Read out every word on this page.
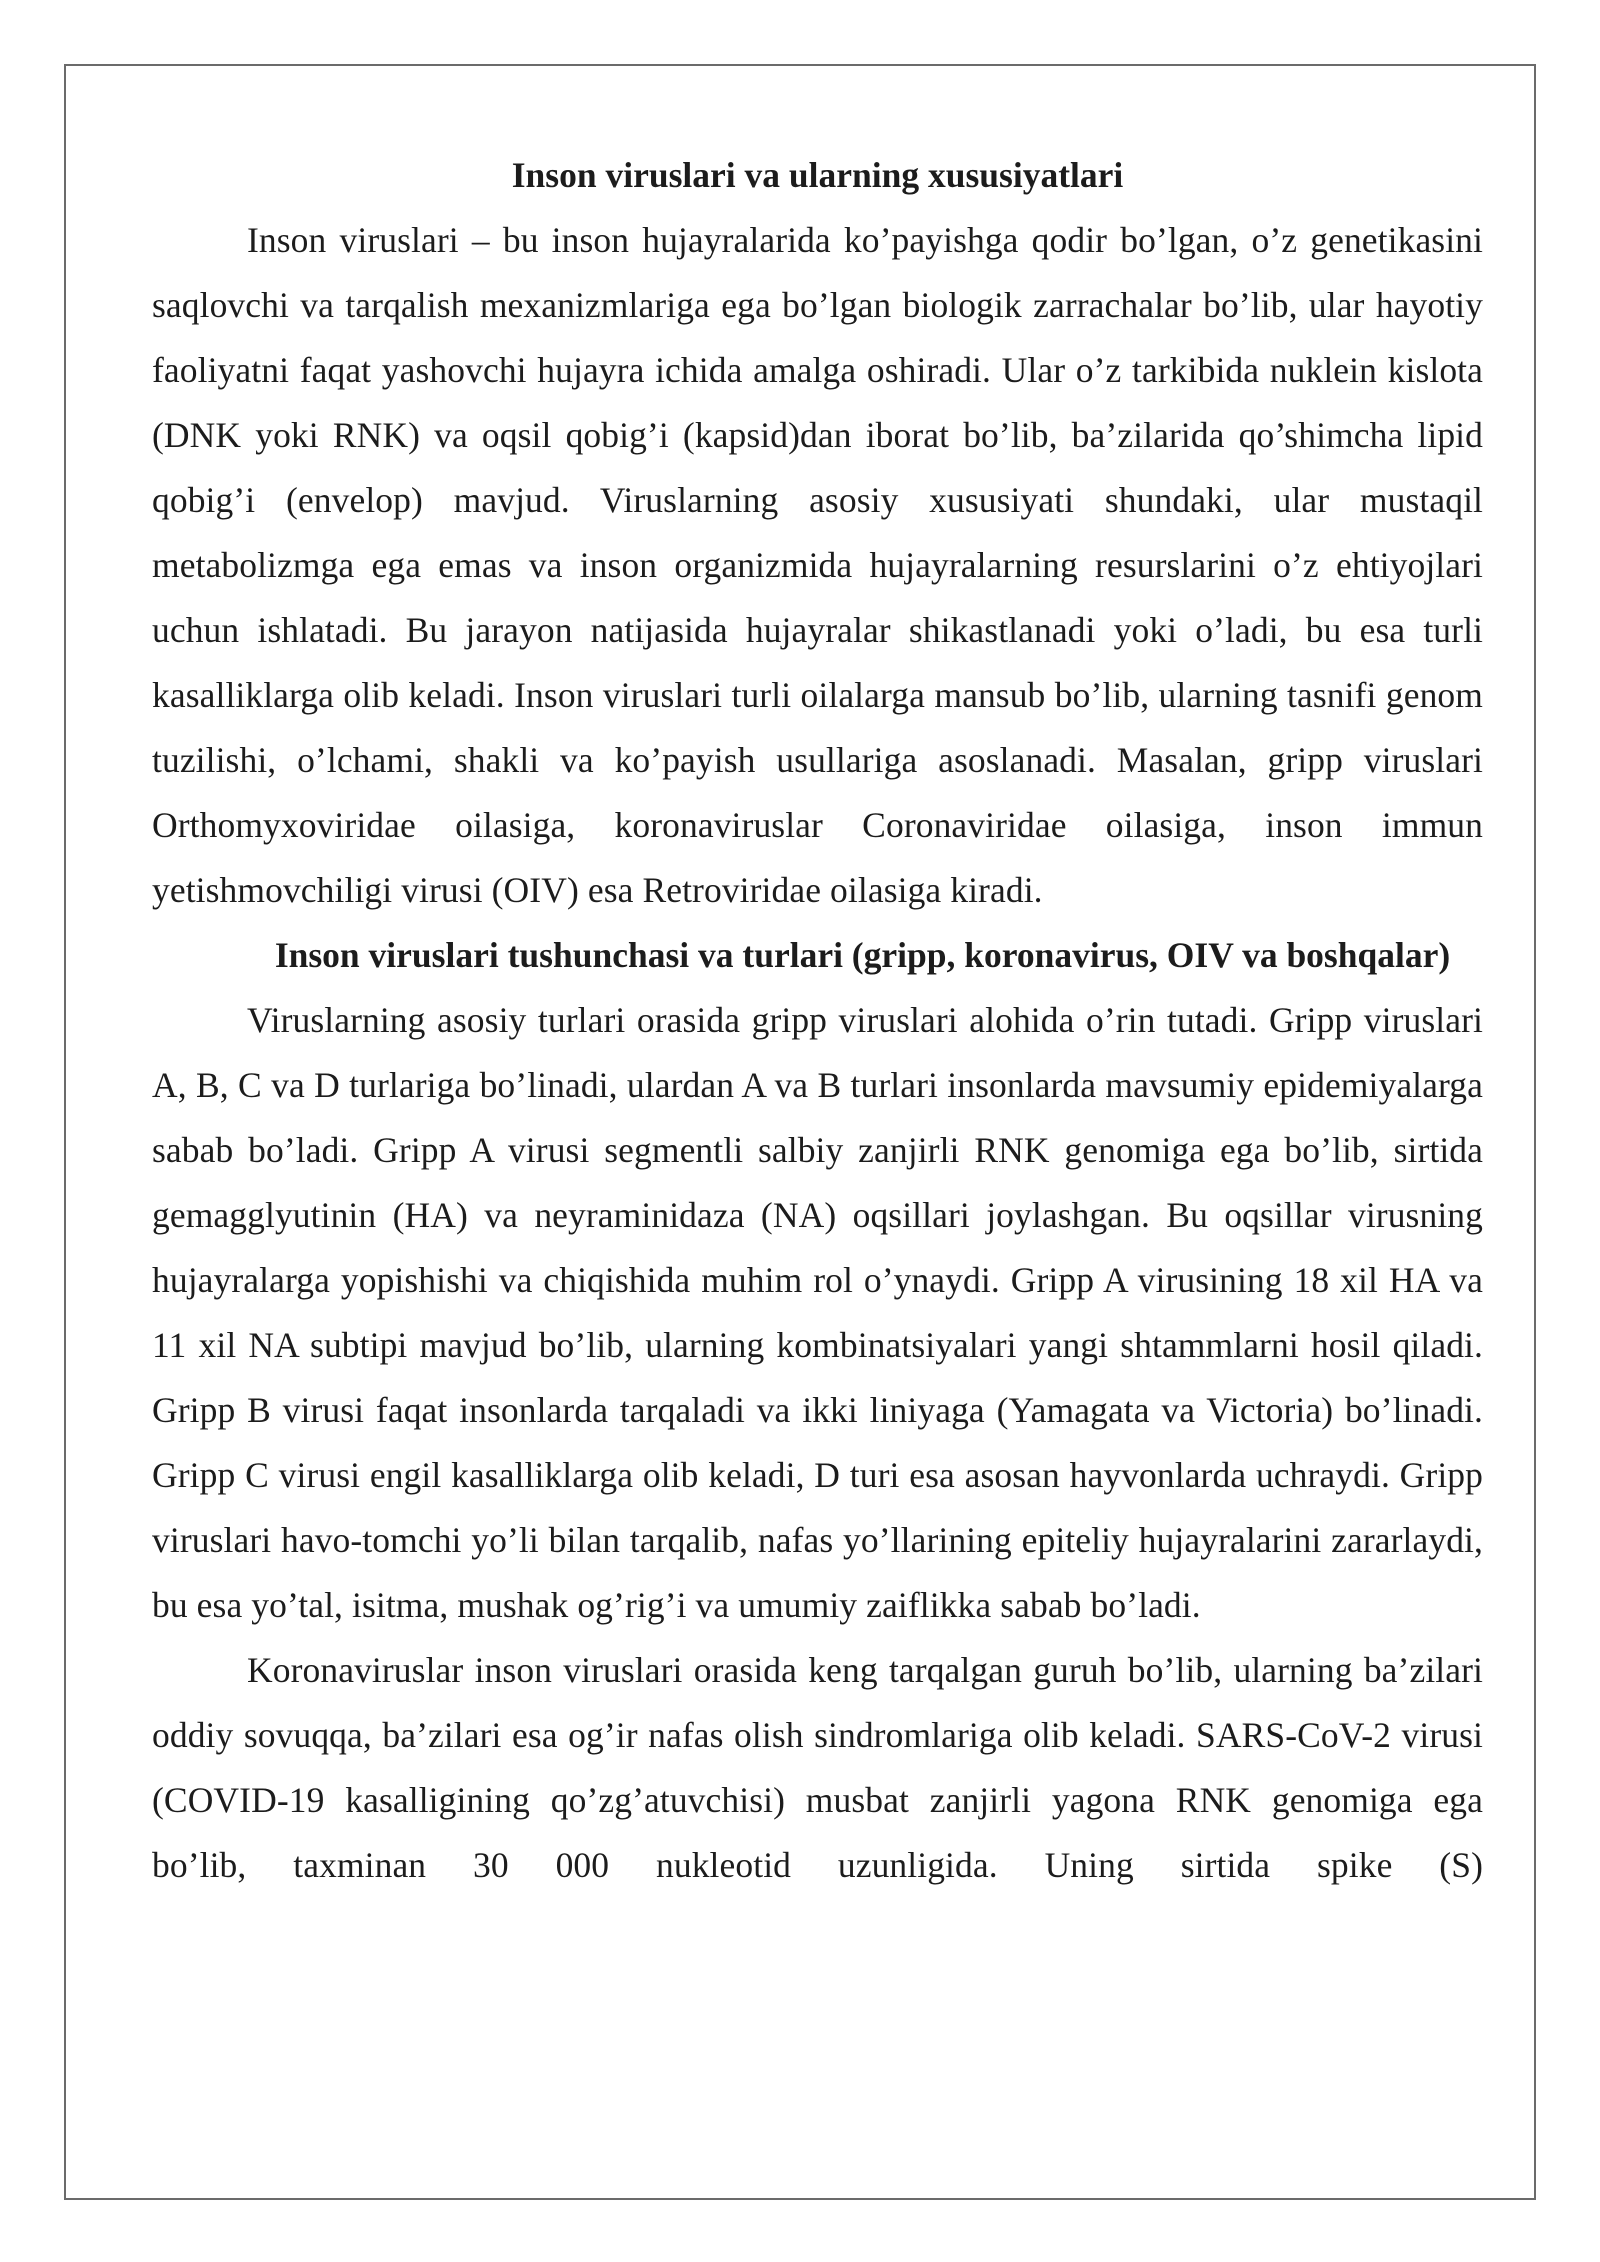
Inson viruslari va ularning xususiyatlari

Inson viruslari – bu inson hujayralarida ko’payishga qodir bo’lgan, o’z genetikasini saqlovchi va tarqalish mexanizmlariga ega bo’lgan biologik zarrachalar bo’lib, ular hayotiy faoliyatni faqat yashovchi hujayra ichida amalga oshiradi. Ular o’z tarkibida nuklein kislota (DNK yoki RNK) va oqsil qobig’i (kapsid)dan iborat bo’lib, ba’zilarida qo’shimcha lipid qobig’i (envelop) mavjud. Viruslarning asosiy xususiyati shundaki, ular mustaqil metabolizmga ega emas va inson organizmida hujayralarning resurslarini o’z ehtiyojlari uchun ishlatadi. Bu jarayon natijasida hujayralar shikastlanadi yoki o’ladi, bu esa turli kasalliklarga olib keladi. Inson viruslari turli oilalarga mansub bo’lib, ularning tasnifi genom tuzilishi, o’lchami, shakli va ko’payish usullariga asoslanadi. Masalan, gripp viruslari Orthomyxoviridae oilasiga, koronaviruslar Coronaviridae oilasiga, inson immun yetishmovchiligi virusi (OIV) esa Retroviridae oilasiga kiradi.

Inson viruslari tushunchasi va turlari (gripp, koronavirus, OIV va boshqalar)

Viruslarning asosiy turlari orasida gripp viruslari alohida o’rin tutadi. Gripp viruslari A, B, C va D turlariga bo’linadi, ulardan A va B turlari insonlarda mavsumiy epidemiyalarga sabab bo’ladi. Gripp A virusi segmentli salbiy zanjirli RNK genomiga ega bo’lib, sirtida gemagglyutinin (HA) va neyraminidaza (NA) oqsillari joylashgan. Bu oqsillar virusning hujayralarga yopishishi va chiqishida muhim rol o’ynaydi. Gripp A virusining 18 xil HA va 11 xil NA subtipi mavjud bo’lib, ularning kombinatsiyalari yangi shtammlarni hosil qiladi. Gripp B virusi faqat insonlarda tarqaladi va ikki liniyaga (Yamagata va Victoria) bo’linadi. Gripp C virusi engil kasalliklarga olib keladi, D turi esa asosan hayvonlarda uchraydi. Gripp viruslari havo-tomchi yo’li bilan tarqalib, nafas yo’llarining epiteliy hujayralarini zararlaydi, bu esa yo’tal, isitma, mushak og’rig’i va umumiy zaiflikka sabab bo’ladi.

Koronaviruslar inson viruslari orasida keng tarqalgan guruh bo’lib, ularning ba’zilari oddiy sovuqqa, ba’zilari esa og’ir nafas olish sindromlariga olib keladi. SARS-CoV-2 virusi (COVID-19 kasalligining qo’zg’atuvchisi) musbat zanjirli yagona RNK genomiga ega bo’lib, taxminan 30 000 nukleotid uzunligida. Uning sirtida spike (S)
